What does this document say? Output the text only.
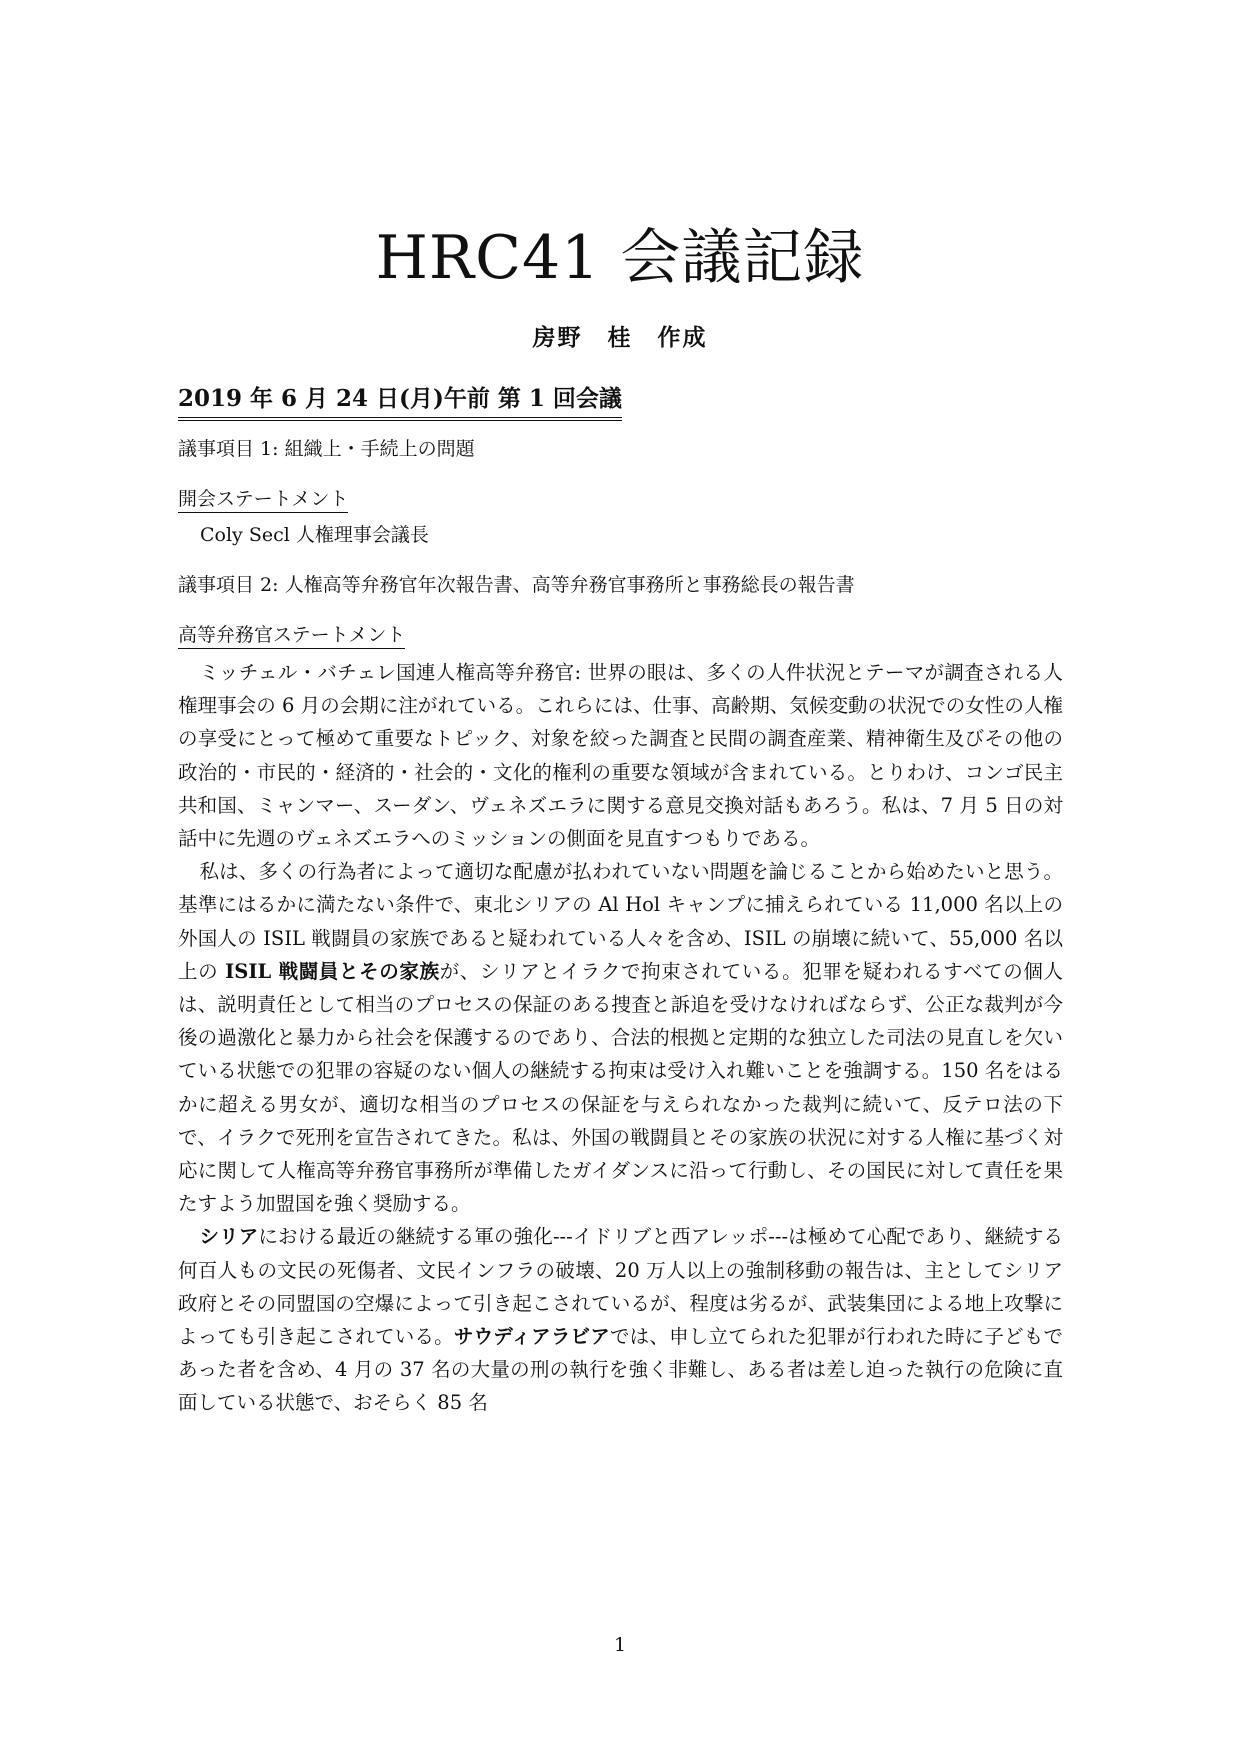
HRC41 会議記録
房野　桂　作成
2019 年 6 月 24 日(月)午前 第 1 回会議
議事項目 1: 組織上・手続上の問題
開会ステートメント
Coly Secl 人権理事会議長
議事項目 2: 人権高等弁務官年次報告書、高等弁務官事務所と事務総長の報告書
高等弁務官ステートメント

ミッチェル・バチェレ国連人権高等弁務官: 世界の眼は、多くの人件状況とテーマが調査される人権理事会の 6 月の会期に注がれている。これらには、仕事、高齢期、気候変動の状況での女性の人権の享受にとって極めて重要なトピック、対象を絞った調査と民間の調査産業、精神衛生及びその他の政治的・市民的・経済的・社会的・文化的権利の重要な領域が含まれている。とりわけ、コンゴ民主共和国、ミャンマー、スーダン、ヴェネズエラに関する意見交換対話もあろう。私は、7 月 5 日の対話中に先週のヴェネズエラへのミッションの側面を見直すつもりである。

私は、多くの行為者によって適切な配慮が払われていない問題を論じることから始めたいと思う。基準にはるかに満たない条件で、東北シリアの Al Hol キャンプに捕えられている 11,000 名以上の外国人の ISIL 戦闘員の家族であると疑われている人々を含め、ISIL の崩壊に続いて、55,000 名以上の ISIL 戦闘員とその家族が、シリアとイラクで拘束されている。犯罪を疑われるすべての個人は、説明責任として相当のプロセスの保証のある捜査と訴追を受けなければならず、公正な裁判が今後の過激化と暴力から社会を保護するのであり、合法的根拠と定期的な独立した司法の見直しを欠いている状態での犯罪の容疑のない個人の継続する拘束は受け入れ難いことを強調する。150 名をはるかに超える男女が、適切な相当のプロセスの保証を与えられなかった裁判に続いて、反テロ法の下で、イラクで死刑を宣告されてきた。私は、外国の戦闘員とその家族の状況に対する人権に基づく対応に関して人権高等弁務官事務所が準備したガイダンスに沿って行動し、その国民に対して責任を果たすよう加盟国を強く奨励する。

シリアにおける最近の継続する軍の強化---イドリブと西アレッポ---は極めて心配であり、継続する何百人もの文民の死傷者、文民インフラの破壊、20 万人以上の強制移動の報告は、主としてシリア政府とその同盟国の空爆によって引き起こされているが、程度は劣るが、武装集団による地上攻撃によっても引き起こされている。サウディアラビアでは、申し立てられた犯罪が行われた時に子どもであった者を含め、4 月の 37 名の大量の刑の執行を強く非難し、ある者は差し迫った執行の危険に直面している状態で、おそらく 85 名

1
